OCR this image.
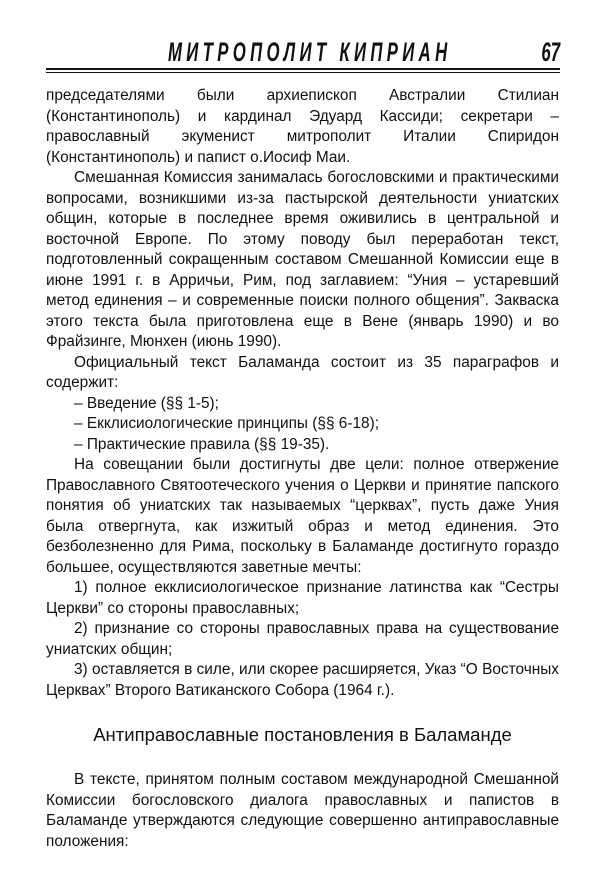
МИТРОПОЛИТ КИПРИАН	67

председателями были архиепископ Австралии Стилиан (Константинополь) и кардинал Эдуард Кассиди; секретари – православный экуменист митрополит Италии Спиридон (Константинополь) и папист о.Иосиф Маи.

Смешанная Комиссия занималась богословскими и практическими вопросами, возникшими из-за пастырской деятельности униатских общин, которые в последнее время оживились в центральной и восточной Европе. По этому поводу был переработан текст, подготовленный сокращенным составом Смешанной Комиссии еще в июне 1991 г. в Арричьи, Рим, под заглавием: “Уния – устаревший метод единения – и современные поиски полного общения”. Закваска этого текста была приготовлена еще в Вене (январь 1990) и во Фрайзинге, Мюнхен (июнь 1990).

Официальный текст Баламанда состоит из 35 параграфов и содержит:

– Введение (§§ 1-5);

– Екклисиологические принципы (§§ 6-18);

– Практические правила (§§ 19-35).

На совещании были достигнуты две цели: полное отвержение Православного Святоотеческого учения о Церкви и принятие папского понятия об униатских так называемых “церквах”, пусть даже Уния была отвергнута, как изжитый образ и метод единения. Это безболезненно для Рима, поскольку в Баламанде достигнуто гораздо большее, осуществляются заветные мечты:

1) полное екклисиологическое признание латинства как “Сестры Церкви” со стороны православных;

2) признание со стороны православных права на существование униатских общин;

3) оставляется в силе, или скорее расширяется, Указ “О Восточных Церквах” Второго Ватиканского Собора (1964 г.).

Антиправославные постановления в Баламанде

В тексте, принятом полным составом международной Смешанной Комиссии богословского диалога православных и папистов в Баламанде утверждаются следующие совершенно антиправославные положения:
